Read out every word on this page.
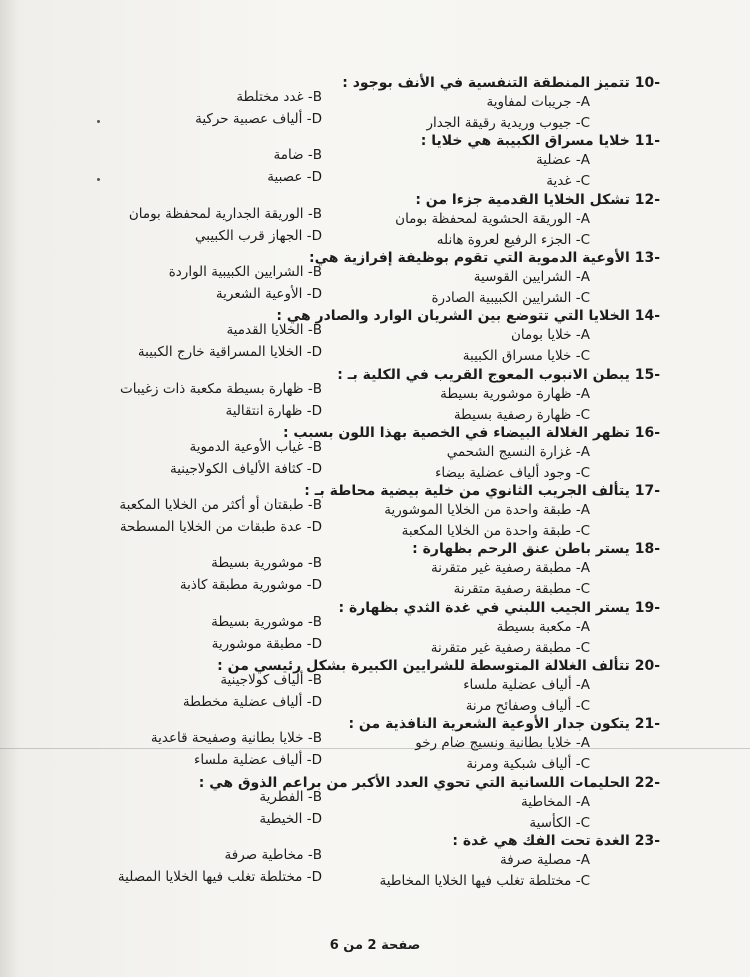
-10 تتميز المنطقة التنفسية في الأنف بوجود :
A- جريبات لمفاوية
B- غدد مختلطة
C- جيوب وريدية رقيقة الجدار
D- ألياف عصبية حركية
-11 خلايا مسراق الكبيبة هي خلايا :
A- عضلية
B- ضامة
C- غدية
D- عصبية
-12 تشكل الخلايا القدمية جزءا من :
A- الوريقة الحشوية لمحفظة بومان
B- الوريقة الجدارية لمحفظة بومان
C- الجزء الرفيع لعروة هانله
D- الجهاز قرب الكبيبي
-13 الأوعية الدموية التي تقوم بوظيفة إفرازية هي:
A- الشرايين القوسية
B- الشرايين الكبيبية الواردة
C- الشرايين الكبيبية الصادرة
D- الأوعية الشعرية
-14 الخلايا التي تتوضع بين الشريان الوارد والصادر هي :
A- خلايا بومان
B- الخلايا القدمية
C- خلايا مسراق الكبيبة
D- الخلايا المسراقية خارج الكبيبة
-15 يبطن الانبوب المعوج القريب في الكلية بـ :
A- ظهارة موشورية بسيطة
B- ظهارة بسيطة مكعبة ذات زغيبات
C- ظهارة رصفية بسيطة
D- ظهارة انتقالية
-16 تظهر الغلالة البيضاء في الخصية بهذا اللون بسبب :
A- غزارة النسيج الشحمي
B- غياب الأوعية الدموية
C- وجود ألياف عضلية بيضاء
D- كثافة الألياف الكولاجينية
-17 يتألف الجريب الثانوي من خلية بيضية محاطة بـ :
A- طبقة واحدة من الخلايا الموشورية
B- طبقتان أو أكثر من الخلايا المكعبة
C- طبقة واحدة من الخلايا المكعبة
D- عدة طبقات من الخلايا المسطحة
-18 يستر باطن عنق الرحم بظهارة :
A- مطبقة رصفية غير متقرنة
B- موشورية بسيطة
C- مطبقة رصفية متقرنة
D- موشورية مطبقة كاذبة
-19 يستر الجيب اللبني في غدة الثدي بظهارة :
A- مكعبة بسيطة
B- موشورية بسيطة
C- مطبقة رصفية غير متقرنة
D- مطبقة موشورية
-20 تتألف الغلالة المتوسطة للشرايين الكبيرة بشكل رئيسي من :
A- ألياف عضلية ملساء
B- ألياف كولاجينية
C- ألياف وصفائح مرنة
D- ألياف عضلية مخططة
-21 يتكون جدار الأوعية الشعرية النافذية من :
A- خلايا بطانية ونسيج ضام رخو
B- خلايا بطانية وصفيحة قاعدية
C- ألياف شبكية ومرنة
D- ألياف عضلية ملساء
-22 الحليمات اللسانية التي تحوي العدد الأكبر من براعم الذوق هي :
A- المخاطية
B- الفطرية
C- الكأسية
D- الخيطية
-23 الغدة تحت الفك هي غدة :
A- مصلية صرفة
B- مخاطية صرفة
C- مختلطة تغلب فيها الخلايا المخاطية
D- مختلطة تغلب فيها الخلايا المصلية
صفحة 2 من 6
